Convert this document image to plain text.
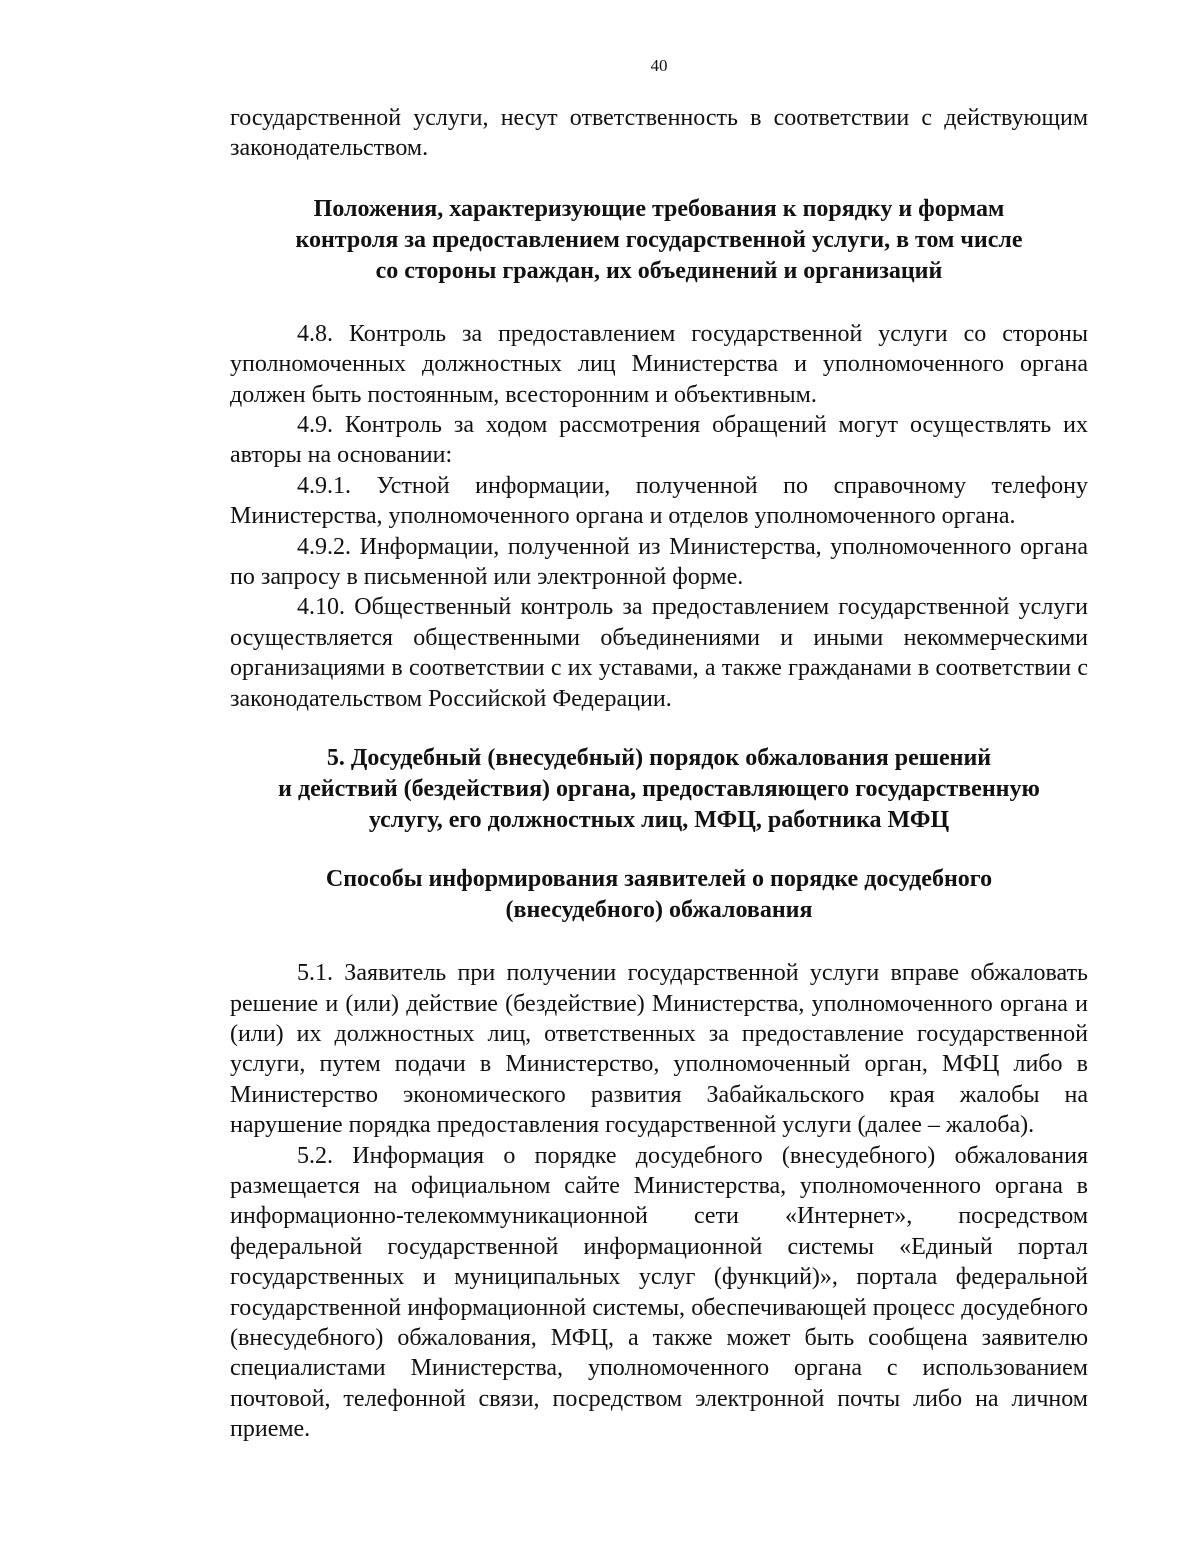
40

государственной услуги, несут ответственность в соответствии с действующим законодательством.

Положения, характеризующие требования к порядку и формам
контроля за предоставлением государственной услуги, в том числе
со стороны граждан, их объединений и организаций

4.8. Контроль за предоставлением государственной услуги со стороны уполномоченных должностных лиц Министерства и уполномоченного органа должен быть постоянным, всесторонним и объективным.

4.9. Контроль за ходом рассмотрения обращений могут осуществлять их авторы на основании:

4.9.1. Устной информации, полученной по справочному телефону Министерства, уполномоченного органа и отделов уполномоченного органа.

4.9.2. Информации, полученной из Министерства, уполномоченного органа по запросу в письменной или электронной форме.

4.10. Общественный контроль за предоставлением государственной услуги осуществляется общественными объединениями и иными некоммерческими организациями в соответствии с их уставами, а также гражданами в соответствии с законодательством Российской Федерации.

5. Досудебный (внесудебный) порядок обжалования решений
и действий (бездействия) органа, предоставляющего государственную
услугу, его должностных лиц, МФЦ, работника МФЦ
Способы информирования заявителей о порядке досудебного
(внесудебного) обжалования

5.1. Заявитель при получении государственной услуги вправе обжаловать решение и (или) действие (бездействие) Министерства, уполномоченного органа и (или) их должностных лиц, ответственных за предоставление государственной услуги, путем подачи в Министерство, уполномоченный орган, МФЦ либо в Министерство экономического развития Забайкальского края жалобы на нарушение порядка предоставления государственной услуги (далее – жалоба).

5.2. Информация о порядке досудебного (внесудебного) обжалования размещается на официальном сайте Министерства, уполномоченного органа в информационно-телекоммуникационной сети «Интернет», посредством федеральной государственной информационной системы «Единый портал государственных и муниципальных услуг (функций)», портала федеральной государственной информационной системы, обеспечивающей процесс досудебного (внесудебного) обжалования, МФЦ, а также может быть сообщена заявителю специалистами Министерства, уполномоченного органа с использованием почтовой, телефонной связи, посредством электронной почты либо на личном приеме.
